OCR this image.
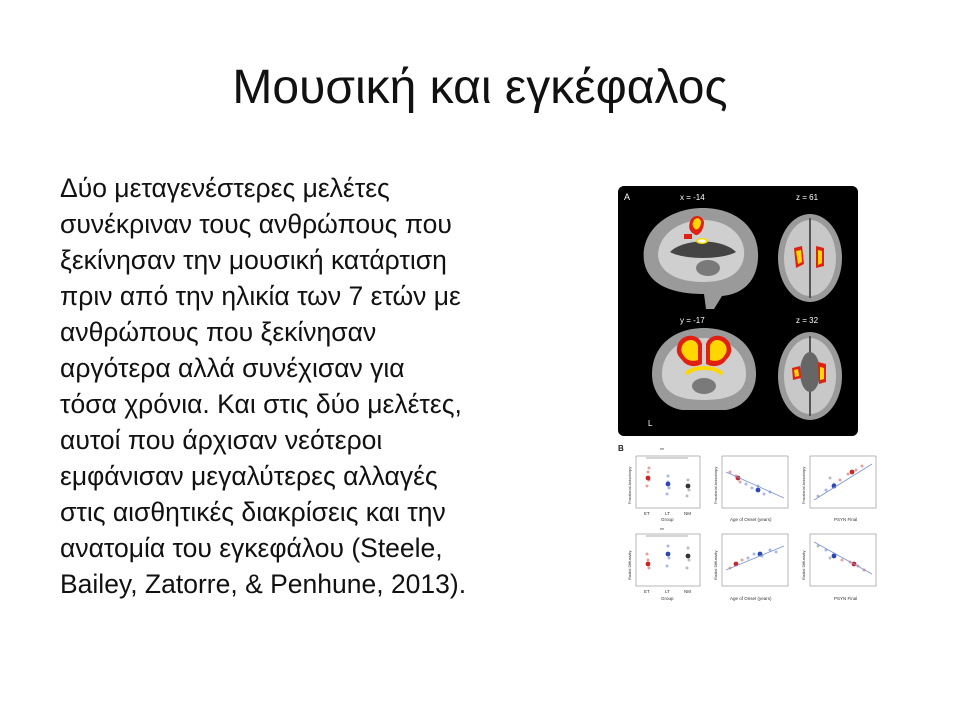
Μουσική και εγκέφαλος
Δύο μεταγενέστερες μελέτες
συνέκριναν τους ανθρώπους που
ξεκίνησαν την μουσική κατάρτιση
πριν από την ηλικία των 7 ετών με
ανθρώπους που ξεκίνησαν
αργότερα αλλά συνέχισαν για
τόσα χρόνια. Και στις δύο μελέτες,
αυτοί που άρχισαν νεότεροι
εμφάνισαν μεγαλύτερες αλλαγές
στις αισθητικές διακρίσεις και την
ανατομία του εγκεφάλου (Steele,
Bailey, Zatorre, & Penhune, 2013).
A	x = -14	z = 61
y = -17	z = 32
L
B	**
ET	LT	NM
Group
Fractional Anisotropy
Age of Onset (years)
Fractional Anisotropy
PSYN Final
Fractional Anisotropy
**
ET	LT	NM
Group
Radial Diffusivity
Age of Onset (years)
Radial Diffusivity
PSYN Final
Radial Diffusivity
